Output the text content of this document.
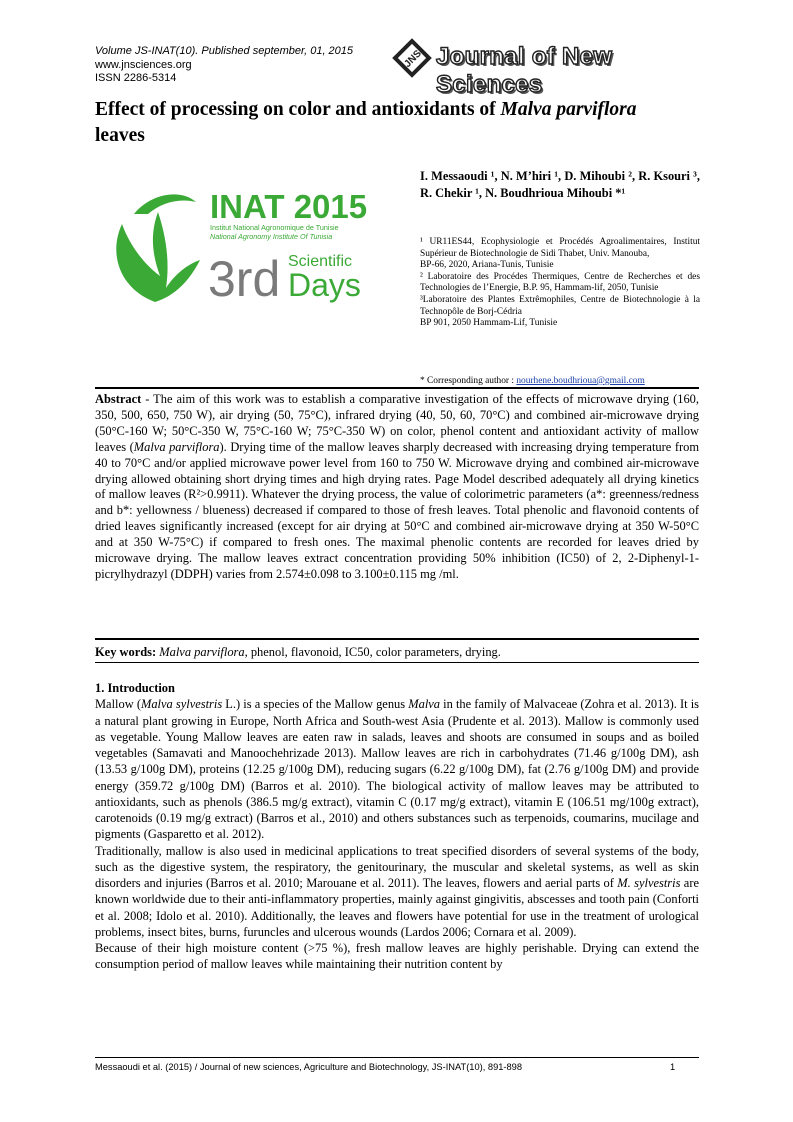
Volume JS-INAT(10). Published september, 01, 2015
www.jnsciences.org
ISSN 2286-5314
JNS Journal of New Sciences
Effect of processing on color and antioxidants of Malva parviflora
leaves
INAT 2015
Institut National Agronomique de Tunisie
National Agronomy Institute Of Tunisia
3rd Scientific
Days
I. Messaoudi ¹, N. M’hiri ¹, D. Mihoubi ², R. Ksouri ³, R. Chekir ¹, N. Boudhrioua Mihoubi *¹

¹ UR11ES44, Ecophysiologie et Procédés Agroalimentaires, Institut Supérieur de Biotechnologie de Sidi Thabet, Univ. Manouba,

BP-66, 2020, Ariana-Tunis, Tunisie

² Laboratoire des Procédes Thermiques, Centre de Recherches et des Technologies de l’Energie, B.P. 95, Hammam-lif, 2050, Tunisie

³Laboratoire des Plantes Extrêmophiles, Centre de Biotechnologie à la Technopôle de Borj-Cédria

BP 901, 2050 Hammam-Lif, Tunisie

* Corresponding author : nourhene.boudhrioua@gmail.com
Abstract - The aim of this work was to establish a comparative investigation of the effects of microwave drying (160, 350, 500, 650, 750 W), air drying (50, 75°C), infrared drying (40, 50, 60, 70°C) and combined air-microwave drying (50°C-160 W; 50°C-350 W, 75°C-160 W; 75°C-350 W) on color, phenol content and antioxidant activity of mallow leaves (Malva parviflora). Drying time of the mallow leaves sharply decreased with increasing drying temperature from 40 to 70°C and/or applied microwave power level from 160 to 750 W. Microwave drying and combined air-microwave drying allowed obtaining short drying times and high drying rates. Page Model described adequately all drying kinetics of mallow leaves (R²>0.9911). Whatever the drying process, the value of colorimetric parameters (a*: greenness/redness and b*: yellowness / blueness) decreased if compared to those of fresh leaves. Total phenolic and flavonoid contents of dried leaves significantly increased (except for air drying at 50°C and combined air-microwave drying at 350 W-50°C and at 350 W-75°C) if compared to fresh ones. The maximal phenolic contents are recorded for leaves dried by microwave drying. The mallow leaves extract concentration providing 50% inhibition (IC50) of 2, 2-Diphenyl-1-picrylhydrazyl (DDPH) varies from 2.574±0.098 to 3.100±0.115 mg /ml.
Key words: Malva parviflora, phenol, flavonoid, IC50, color parameters, drying.
1. Introduction

Mallow (Malva sylvestris L.) is a species of the Mallow genus Malva in the family of Malvaceae (Zohra et al. 2013). It is a natural plant growing in Europe, North Africa and South-west Asia (Prudente et al. 2013). Mallow is commonly used as vegetable. Young Mallow leaves are eaten raw in salads, leaves and shoots are consumed in soups and as boiled vegetables (Samavati and Manoochehrizade 2013). Mallow leaves are rich in carbohydrates (71.46 g/100g DM), ash (13.53 g/100g DM), proteins (12.25 g/100g DM), reducing sugars (6.22 g/100g DM), fat (2.76 g/100g DM) and provide energy (359.72 g/100g DM) (Barros et al. 2010). The biological activity of mallow leaves may be attributed to antioxidants, such as phenols (386.5 mg/g extract), vitamin C (0.17 mg/g extract), vitamin E (106.51 mg/100g extract), carotenoids (0.19 mg/g extract) (Barros et al., 2010) and others substances such as terpenoids, coumarins, mucilage and pigments (Gasparetto et al. 2012).

Traditionally, mallow is also used in medicinal applications to treat specified disorders of several systems of the body, such as the digestive system, the respiratory, the genitourinary, the muscular and skeletal systems, as well as skin disorders and injuries (Barros et al. 2010; Marouane et al. 2011). The leaves, flowers and aerial parts of M. sylvestris are known worldwide due to their anti-inflammatory properties, mainly against gingivitis, abscesses and tooth pain (Conforti et al. 2008; Idolo et al. 2010). Additionally, the leaves and flowers have potential for use in the treatment of urological problems, insect bites, burns, furuncles and ulcerous wounds (Lardos 2006; Cornara et al. 2009).

Because of their high moisture content (>75 %), fresh mallow leaves are highly perishable. Drying can extend the consumption period of mallow leaves while maintaining their nutrition content by

Messaoudi et al. (2015) / Journal of new sciences, Agriculture and Biotechnology, JS-INAT(10), 891-898	1
